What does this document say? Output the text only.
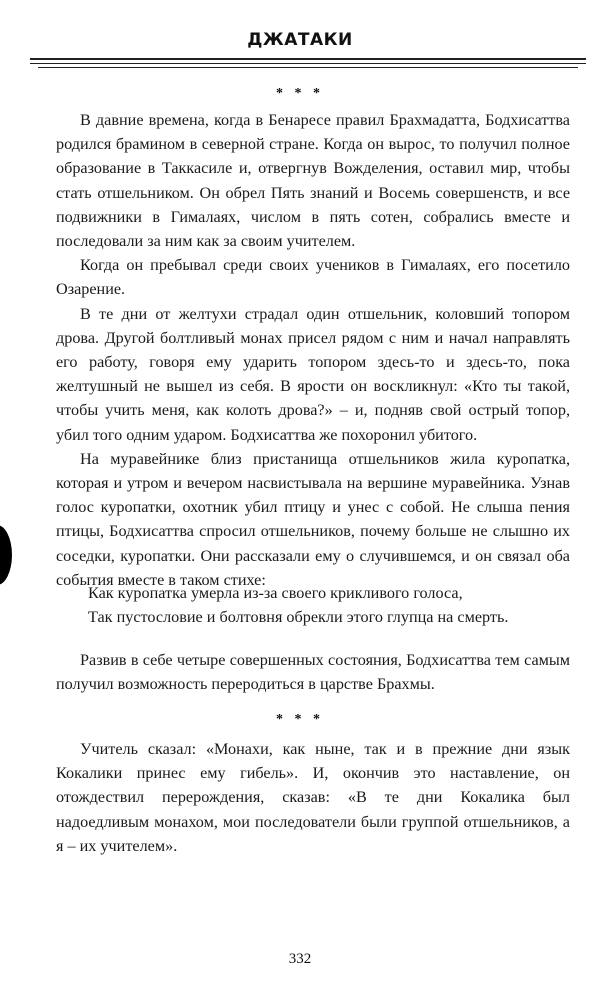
ДЖАТАКИ
* * *

В давние времена, когда в Бенаресе правил Брахмадатта, Бодхисаттва родился брамином в северной стране. Когда он вырос, то получил полное образование в Таккасиле и, отвергнув Вожделения, оставил мир, чтобы стать отшельником. Он обрел Пять знаний и Восемь совершенств, и все подвижники в Гималаях, числом в пять сотен, собрались вместе и последовали за ним как за своим учителем.

Когда он пребывал среди своих учеников в Гималаях, его посетило Озарение.

В те дни от желтухи страдал один отшельник, коловший топором дрова. Другой болтливый монах присел рядом с ним и начал направлять его работу, говоря ему ударить топором здесь-то и здесь-то, пока желтушный не вышел из себя. В ярости он воскликнул: «Кто ты такой, чтобы учить меня, как колоть дрова?» – и, подняв свой острый топор, убил того одним ударом. Бодхисаттва же похоронил убитого.

На муравейнике близ пристанища отшельников жила куропатка, которая и утром и вечером насвистывала на вершине муравейника. Узнав голос куропатки, охотник убил птицу и унес с собой. Не слыша пения птицы, Бодхисаттва спросил отшельников, почему больше не слышно их соседки, куропатки. Они рассказали ему о случившемся, и он связал оба события вместе в таком стихе:

Как куропатка умерла из-за своего крикливого голоса,
Так пустословие и болтовня обрекли этого глупца на смерть.

Развив в себе четыре совершенных состояния, Бодхисаттва тем самым получил возможность переродиться в царстве Брахмы.

* * *

Учитель сказал: «Монахи, как ныне, так и в прежние дни язык Кокалики принес ему гибель». И, окончив это наставление, он отождествил перерождения, сказав: «В те дни Кокалика был надоедливым монахом, мои последователи были группой отшельников, а я – их учителем».

332
